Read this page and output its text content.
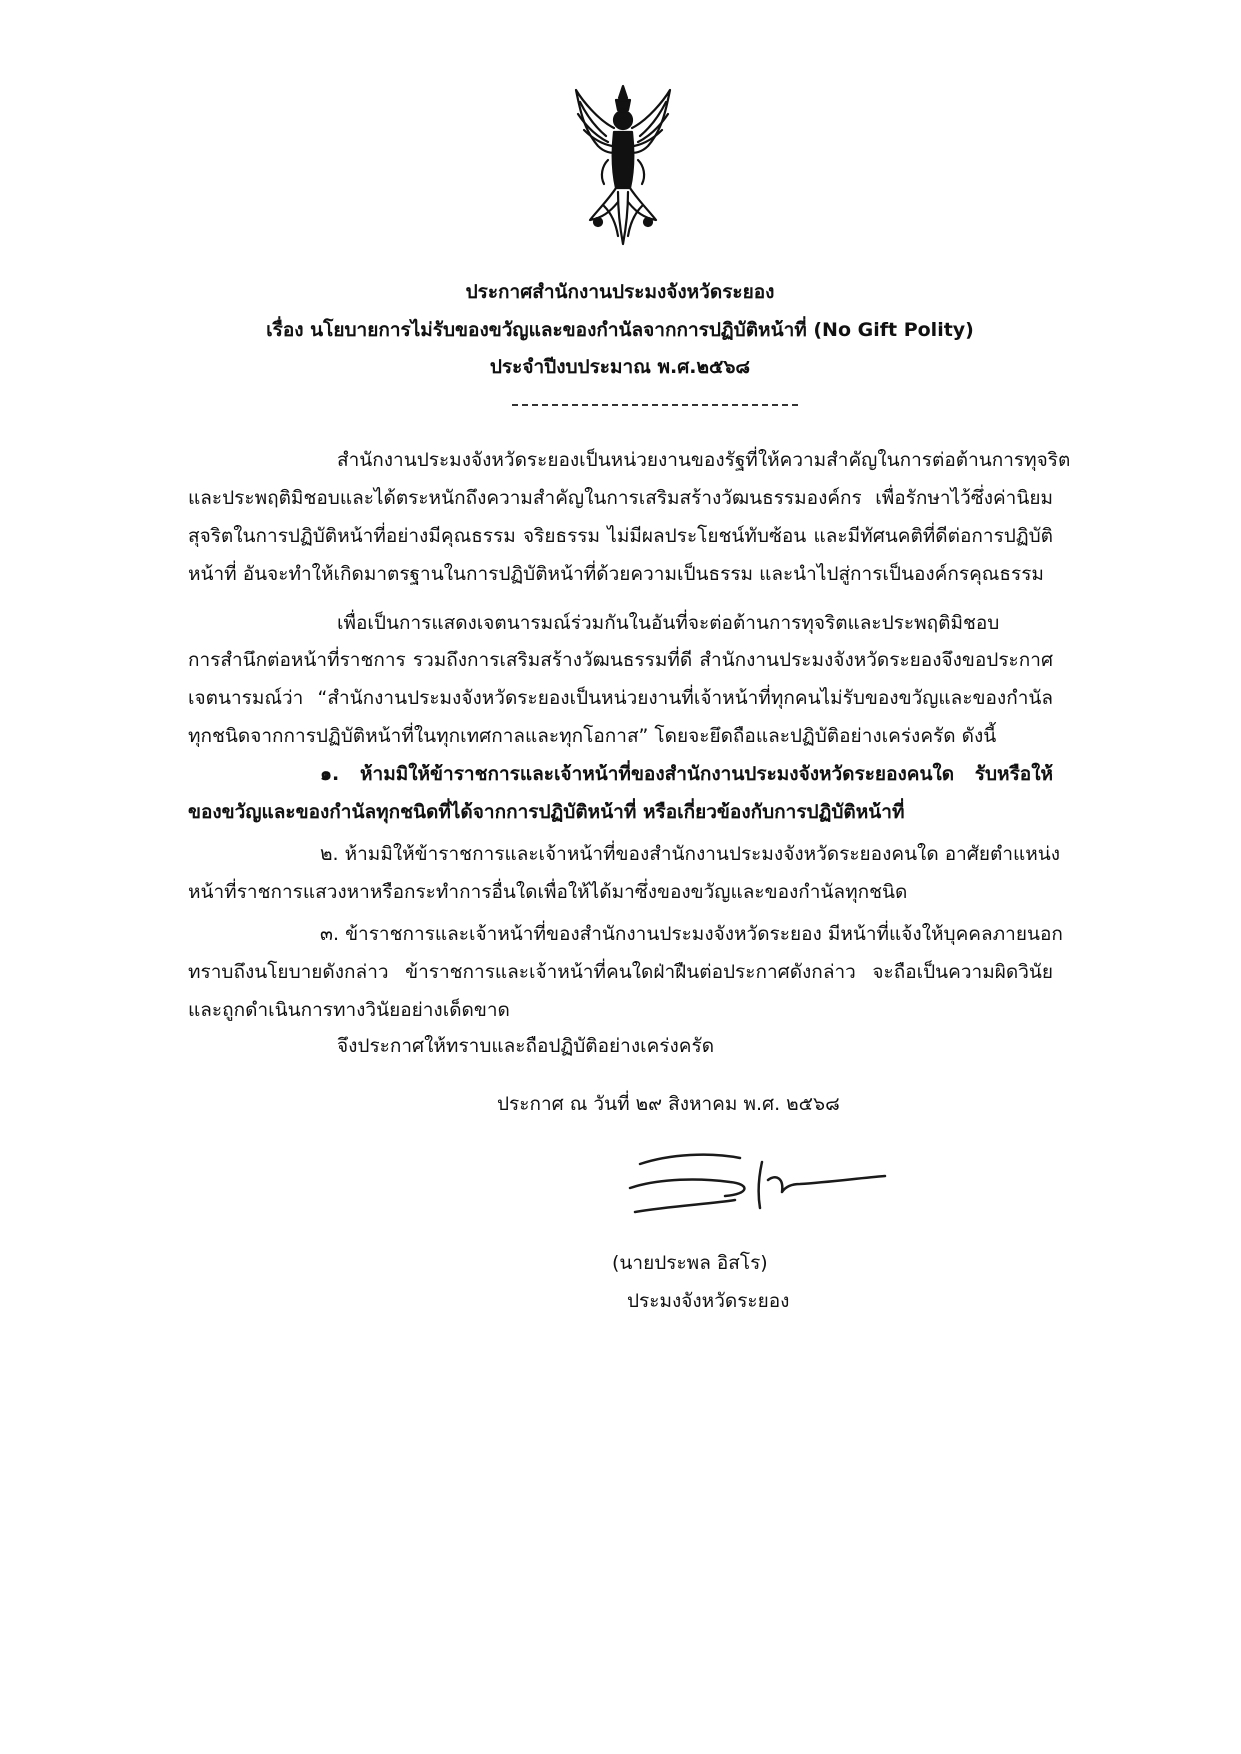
ประกาศสำนักงานประมงจังหวัดระยอง
เรื่อง นโยบายการไม่รับของขวัญและของกำนัลจากการปฏิบัติหน้าที่ (No Gift Polity)
ประจำปีงบประมาณ พ.ศ.๒๕๖๘
สำนักงานประมงจังหวัดระยองเป็นหน่วยงานของรัฐที่ให้ความสำคัญในการต่อต้านการทุจริต
และประพฤติมิชอบและได้ตระหนักถึงความสำคัญในการเสริมสร้างวัฒนธรรมองค์กร เพื่อรักษาไว้ซึ่งค่านิยม
สุจริตในการปฏิบัติหน้าที่อย่างมีคุณธรรม จริยธรรม ไม่มีผลประโยชน์ทับซ้อน และมีทัศนคติที่ดีต่อการปฏิบัติ
หน้าที่ อันจะทำให้เกิดมาตรฐานในการปฏิบัติหน้าที่ด้วยความเป็นธรรม และนำไปสู่การเป็นองค์กรคุณธรรม
เพื่อเป็นการแสดงเจตนารมณ์ร่วมกันในอันที่จะต่อต้านการทุจริตและประพฤติมิชอบ
การสำนึกต่อหน้าที่ราชการ รวมถึงการเสริมสร้างวัฒนธรรมที่ดี สำนักงานประมงจังหวัดระยองจึงขอประกาศ
เจตนารมณ์ว่า “สำนักงานประมงจังหวัดระยองเป็นหน่วยงานที่เจ้าหน้าที่ทุกคนไม่รับของขวัญและของกำนัล
ทุกชนิดจากการปฏิบัติหน้าที่ในทุกเทศกาลและทุกโอกาส” โดยจะยึดถือและปฏิบัติอย่างเคร่งครัด ดังนี้
๑. ห้ามมิให้ข้าราชการและเจ้าหน้าที่ของสำนักงานประมงจังหวัดระยองคนใด รับหรือให้
ของขวัญและของกำนัลทุกชนิดที่ได้จากการปฏิบัติหน้าที่ หรือเกี่ยวข้องกับการปฏิบัติหน้าที่
๒. ห้ามมิให้ข้าราชการและเจ้าหน้าที่ของสำนักงานประมงจังหวัดระยองคนใด อาศัยตำแหน่ง
หน้าที่ราชการแสวงหาหรือกระทำการอื่นใดเพื่อให้ได้มาซึ่งของขวัญและของกำนัลทุกชนิด
๓. ข้าราชการและเจ้าหน้าที่ของสำนักงานประมงจังหวัดระยอง มีหน้าที่แจ้งให้บุคคลภายนอก
ทราบถึงนโยบายดังกล่าว ข้าราชการและเจ้าหน้าที่คนใดฝ่าฝืนต่อประกาศดังกล่าว จะถือเป็นความผิดวินัย
และถูกดำเนินการทางวินัยอย่างเด็ดขาด
จึงประกาศให้ทราบและถือปฏิบัติอย่างเคร่งครัด
ประกาศ ณ วันที่ ๒๙ สิงหาคม พ.ศ. ๒๕๖๘
(นายประพล อิสโร)
ประมงจังหวัดระยอง
